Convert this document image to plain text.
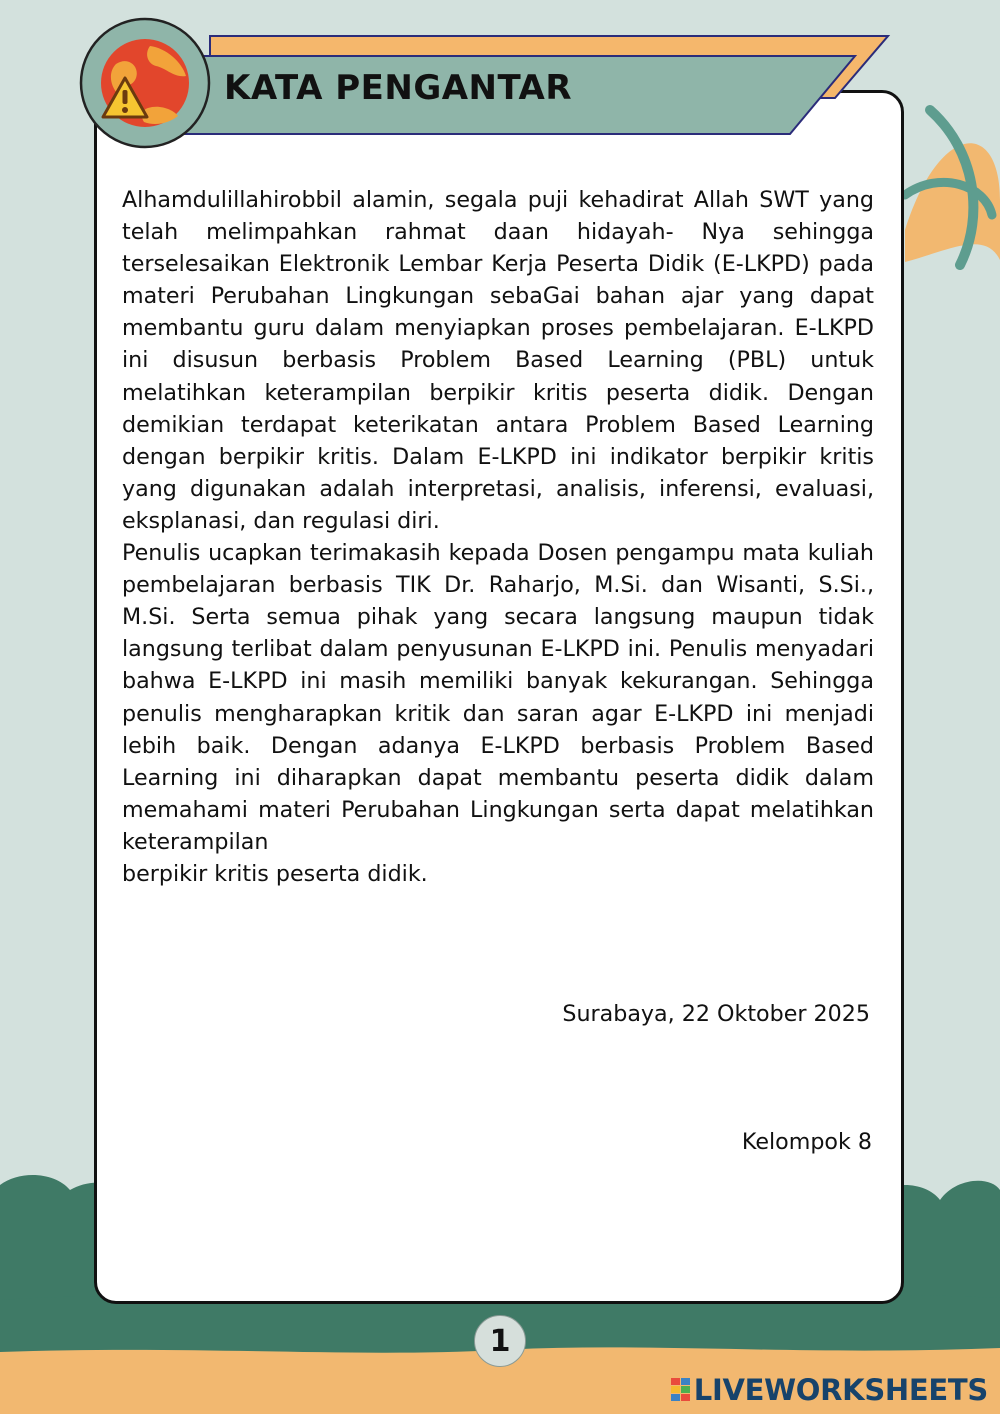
KATA PENGANTAR

Alhamdulillahirobbil alamin, segala puji kehadirat Allah SWT yang telah melimpahkan rahmat daan hidayah- Nya sehingga terselesaikan Elektronik Lembar Kerja Peserta Didik (E-LKPD) pada materi Perubahan Lingkungan sebaGai bahan ajar yang dapat membantu guru dalam menyiapkan proses pembelajaran. E-LKPD ini disusun berbasis Problem Based Learning (PBL) untuk melatihkan keterampilan berpikir kritis peserta didik. Dengan demikian terdapat keterikatan antara Problem Based Learning dengan berpikir kritis. Dalam E-LKPD ini indikator berpikir kritis yang digunakan adalah interpretasi, analisis, inferensi, evaluasi, eksplanasi, dan regulasi diri.

Penulis ucapkan terimakasih kepada Dosen pengampu mata kuliah pembelajaran berbasis TIK Dr. Raharjo, M.Si. dan Wisanti, S.Si., M.Si. Serta semua pihak yang secara langsung maupun tidak langsung terlibat dalam penyusunan E-LKPD ini. Penulis menyadari bahwa E-LKPD ini masih memiliki banyak kekurangan. Sehingga penulis mengharapkan kritik dan saran agar E-LKPD ini menjadi lebih baik. Dengan adanya E-LKPD berbasis Problem Based Learning ini diharapkan dapat membantu peserta didik dalam memahami materi Perubahan Lingkungan serta dapat melatihkan keterampilan

berpikir kritis peserta didik.

Surabaya, 22 Oktober 2025

Kelompok 8

1
LIVEWORKSHEETS
